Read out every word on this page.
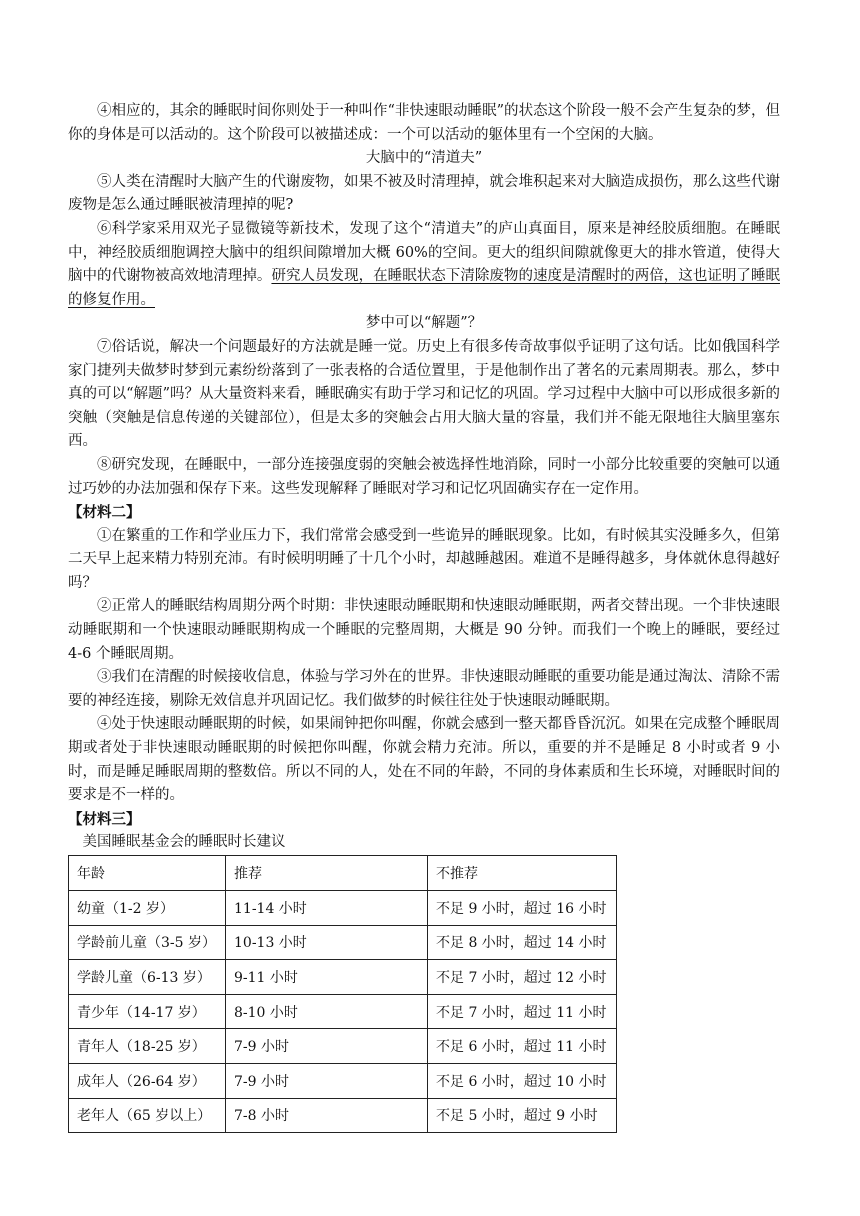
④相应的，其余的睡眠时间你则处于一种叫作“非快速眼动睡眠”的状态这个阶段一般不会产生复杂的梦，但你的身体是可以活动的。这个阶段可以被描述成：一个可以活动的躯体里有一个空闲的大脑。

大脑中的“清道夫”

⑤人类在清醒时大脑产生的代谢废物，如果不被及时清理掉，就会堆积起来对大脑造成损伤，那么这些代谢废物是怎么通过睡眠被清理掉的呢?

⑥科学家采用双光子显微镜等新技术，发现了这个“清道夫”的庐山真面目，原来是神经胶质细胞。在睡眠中，神经胶质细胞调控大脑中的组织间隙增加大概 60%的空间。更大的组织间隙就像更大的排水管道，使得大脑中的代谢物被高效地清理掉。研究人员发现，在睡眠状态下清除废物的速度是清醒时的两倍，这也证明了睡眠的修复作用。

梦中可以“解题”？

⑦俗话说，解决一个问题最好的方法就是睡一觉。历史上有很多传奇故事似乎证明了这句话。比如俄国科学家门捷列夫做梦时梦到元素纷纷落到了一张表格的合适位置里，于是他制作出了著名的元素周期表。那么，梦中真的可以“解题”吗？从大量资料来看，睡眠确实有助于学习和记忆的巩固。学习过程中大脑中可以形成很多新的突触（突触是信息传递的关键部位），但是太多的突触会占用大脑大量的容量，我们并不能无限地往大脑里塞东西。

⑧研究发现，在睡眠中，一部分连接强度弱的突触会被选择性地消除，同时一小部分比较重要的突触可以通过巧妙的办法加强和保存下来。这些发现解释了睡眠对学习和记忆巩固确实存在一定作用。

【材料二】

①在繁重的工作和学业压力下，我们常常会感受到一些诡异的睡眠现象。比如，有时候其实没睡多久，但第二天早上起来精力特别充沛。有时候明明睡了十几个小时，却越睡越困。难道不是睡得越多，身体就休息得越好吗？

②正常人的睡眠结构周期分两个时期：非快速眼动睡眠期和快速眼动睡眠期，两者交替出现。一个非快速眼动睡眠期和一个快速眼动睡眠期构成一个睡眠的完整周期，大概是 90 分钟。而我们一个晚上的睡眠，要经过 4-6 个睡眠周期。

③我们在清醒的时候接收信息，体验与学习外在的世界。非快速眼动睡眠的重要功能是通过淘汰、清除不需要的神经连接，剔除无效信息并巩固记忆。我们做梦的时候往往处于快速眼动睡眠期。

④处于快速眼动睡眠期的时候，如果闹钟把你叫醒，你就会感到一整天都昏昏沉沉。如果在完成整个睡眠周期或者处于非快速眼动睡眠期的时候把你叫醒，你就会精力充沛。所以，重要的并不是睡足 8 小时或者 9 小时，而是睡足睡眠周期的整数倍。所以不同的人，处在不同的年龄，不同的身体素质和生长环境，对睡眠时间的要求是不一样的。

【材料三】

美国睡眠基金会的睡眠时长建议

年龄	推荐	不推荐
幼童（1-2 岁）	11-14 小时	不足 9 小时，超过 16 小时
学龄前儿童（3-5 岁）	10-13 小时	不足 8 小时，超过 14 小时
学龄儿童（6-13 岁）	9-11 小时	不足 7 小时，超过 12 小时
青少年（14-17 岁）	8-10 小时	不足 7 小时，超过 11 小时
青年人（18-25 岁）	7-9 小时	不足 6 小时，超过 11 小时
成年人（26-64 岁）	7-9 小时	不足 6 小时，超过 10 小时
老年人（65 岁以上）	7-8 小时	不足 5 小时，超过 9 小时
